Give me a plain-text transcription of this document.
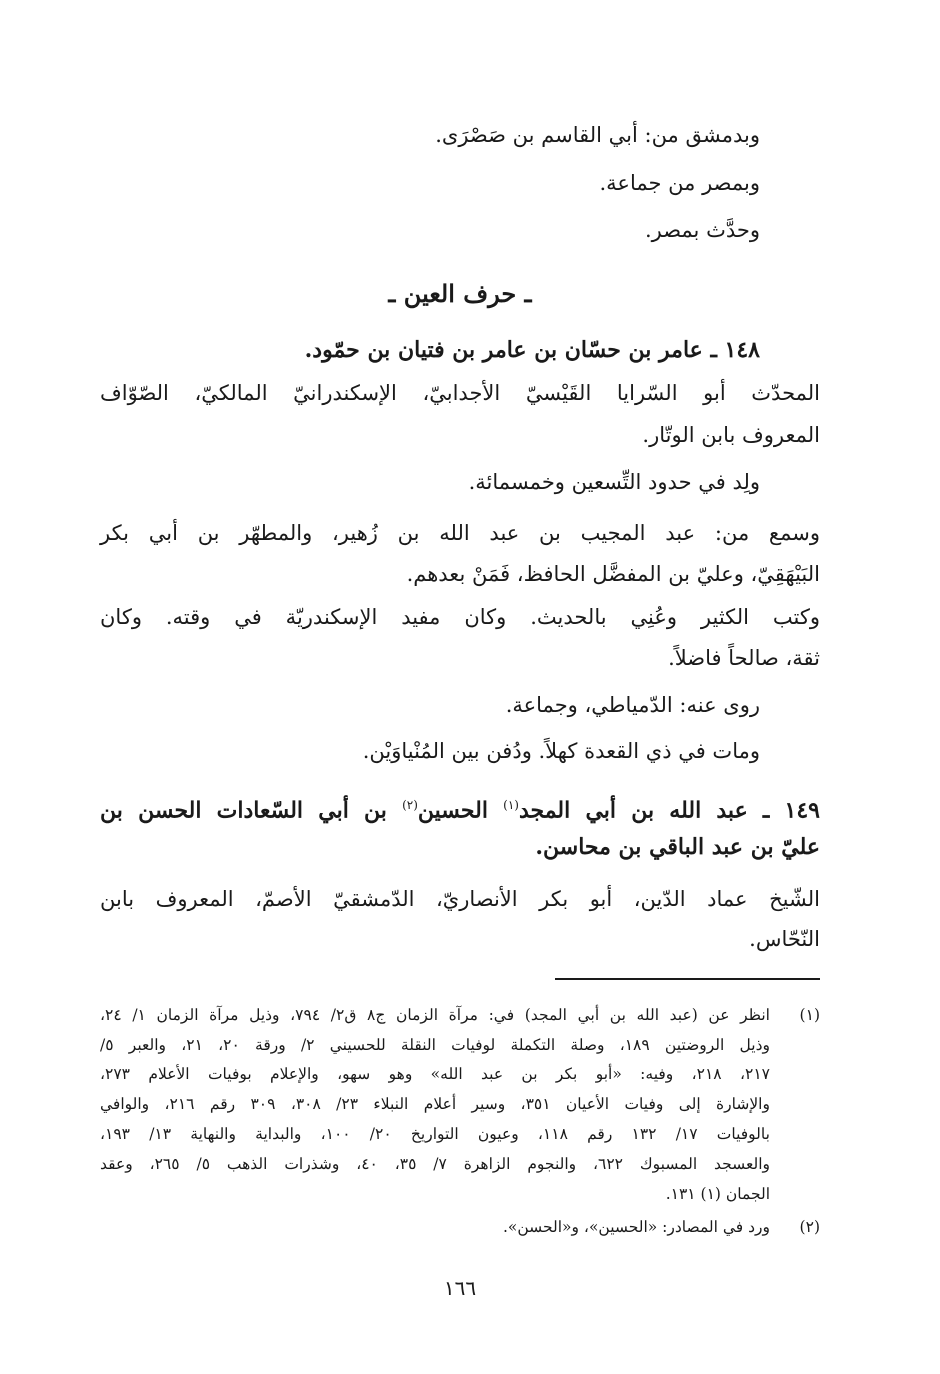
وبدمشق من: أبي القاسم بن صَصْرَى.
وبمصر من جماعة.
وحدَّث بمصر.
ـ حرف العين ـ
١٤٨ ـ عامر بن حسّان بن عامر بن فتيان بن حمّود.
المحدّث أبو السّرايا القَيْسيّ الأجدابيّ، الإسكندرانيّ المالكيّ، الصّوّاف
المعروف بابن الوتّار.
ولِد في حدود التِّسعين وخمسمائة.
وسمع من: عبد المجيب بن عبد الله بن زُهير، والمطهّر بن أبي بكر
البَيْهَقِيّ، وعليّ بن المفضَّل الحافظ، فَمَنْ بعدهم.
وكتب الكثير وعُنِي بالحديث. وكان مفيد الإسكندريّة في وقته. وكان
ثقة، صالحاً فاضلاً.
روى عنه: الدّمياطي، وجماعة.
ومات في ذي القعدة كهلاً. ودُفن بين المُنْياوَيْن.
١٤٩ ـ عبد الله بن أبي المجد$^{(١)}$ الحسين$^{(٢)}$ بن أبي السّعادات الحسن بن
عليّ بن عبد الباقي بن محاسن.
الشّيخ عماد الدّين، أبو بكر الأنصاريّ، الدّمشقيّ الأصمّ، المعروف بابن
النّحّاس.
(١)
انظر عن (عبد الله بن أبي المجد) في: مرآة الزمان ج٨ ق٢/ ٧٩٤، وذيل مرآة الزمان ١/ ٢٤،
وذيل الروضتين ١٨٩، وصلة التكملة لوفيات النقلة للحسيني ٢/ ورقة ٢٠، ٢١، والعبر ٥/
٢١٧، ٢١٨، وفيه: «أبو بكر بن عبد الله» وهو سهو، والإعلام بوفيات الأعلام ٢٧٣،
والإشارة إلى وفيات الأعيان ٣٥١، وسير أعلام النبلاء ٢٣/ ٣٠٨، ٣٠٩ رقم ٢١٦، والوافي
بالوفيات ١٧/ ١٣٢ رقم ١١٨، وعيون التواريخ ٢٠/ ١٠٠، والبداية والنهاية ١٣/ ١٩٣،
والعسجد المسبوك ٦٢٢، والنجوم الزاهرة ٧/ ٣٥، ٤٠، وشذرات الذهب ٥/ ٢٦٥، وعقد
الجمان (١) ١٣١.
(٢)
ورد في المصادر: «الحسين»، و«الحسن».
١٦٦
